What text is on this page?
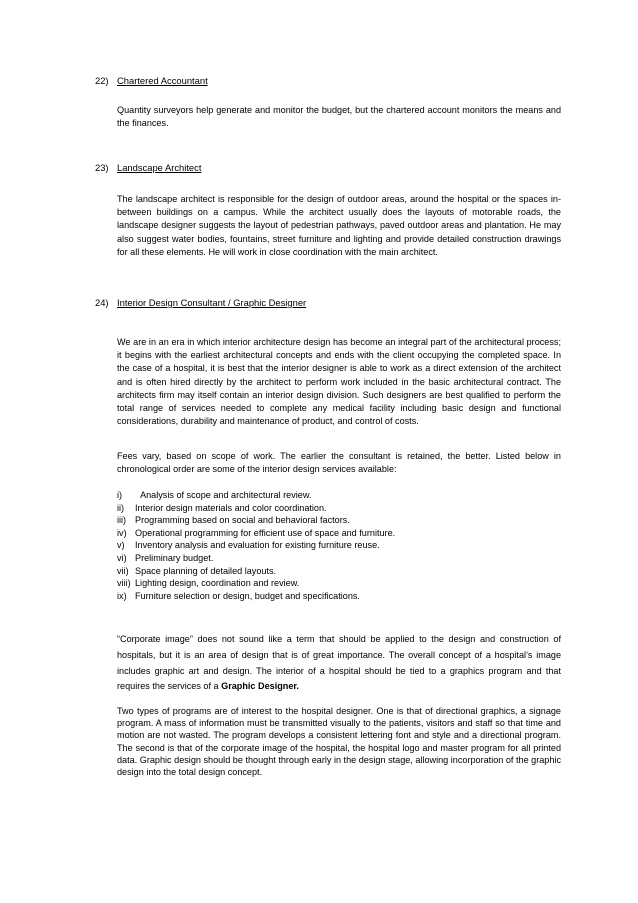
22) Chartered Accountant

Quantity surveyors help generate and monitor the budget, but the chartered account monitors the means and the finances.

23) Landscape Architect

The landscape architect is responsible for the design of outdoor areas, around the hospital or the spaces in-between buildings on a campus. While the architect usually does the layouts of motorable roads, the landscape designer suggests the layout of pedestrian pathways, paved outdoor areas and plantation. He may also suggest water bodies, fountains, street furniture and lighting and provide detailed construction drawings for all these elements. He will work in close coordination with the main architect.

24) Interior Design Consultant / Graphic Designer

We are in an era in which interior architecture design has become an integral part of the architectural process; it begins with the earliest architectural concepts and ends with the client occupying the completed space. In the case of a hospital, it is best that the interior designer is able to work as a direct extension of the architect and is often hired directly by the architect to perform work included in the basic architectural contract. The architects firm may itself contain an interior design division. Such designers are best qualified to perform the total range of services needed to complete any medical facility including basic design and functional considerations, durability and maintenance of product, and control of costs.

Fees vary, based on scope of work. The earlier the consultant is retained, the better. Listed below in chronological order are some of the interior design services available:

i) Analysis of scope and architectural review.
ii) Interior design materials and color coordination.
iii) Programming based on social and behavioral factors.
iv) Operational programming for efficient use of space and furniture.
v) Inventory analysis and evaluation for existing furniture reuse.
vi) Preliminary budget.
vii) Space planning of detailed layouts.
viii) Lighting design, coordination and review.
ix) Furniture selection or design, budget and specifications.

“Corporate image” does not sound like a term that should be applied to the design and construction of hospitals, but it is an area of design that is of great importance. The overall concept of a hospital’s image includes graphic art and design. The interior of a hospital should be tied to a graphics program and that requires the services of a Graphic Designer.

Two types of programs are of interest to the hospital designer. One is that of directional graphics, a signage program. A mass of information must be transmitted visually to the patients, visitors and staff so that time and motion are not wasted. The program develops a consistent lettering font and style and a directional program. The second is that of the corporate image of the hospital, the hospital logo and master program for all printed data. Graphic design should be thought through early in the design stage, allowing incorporation of the graphic design into the total design concept.
